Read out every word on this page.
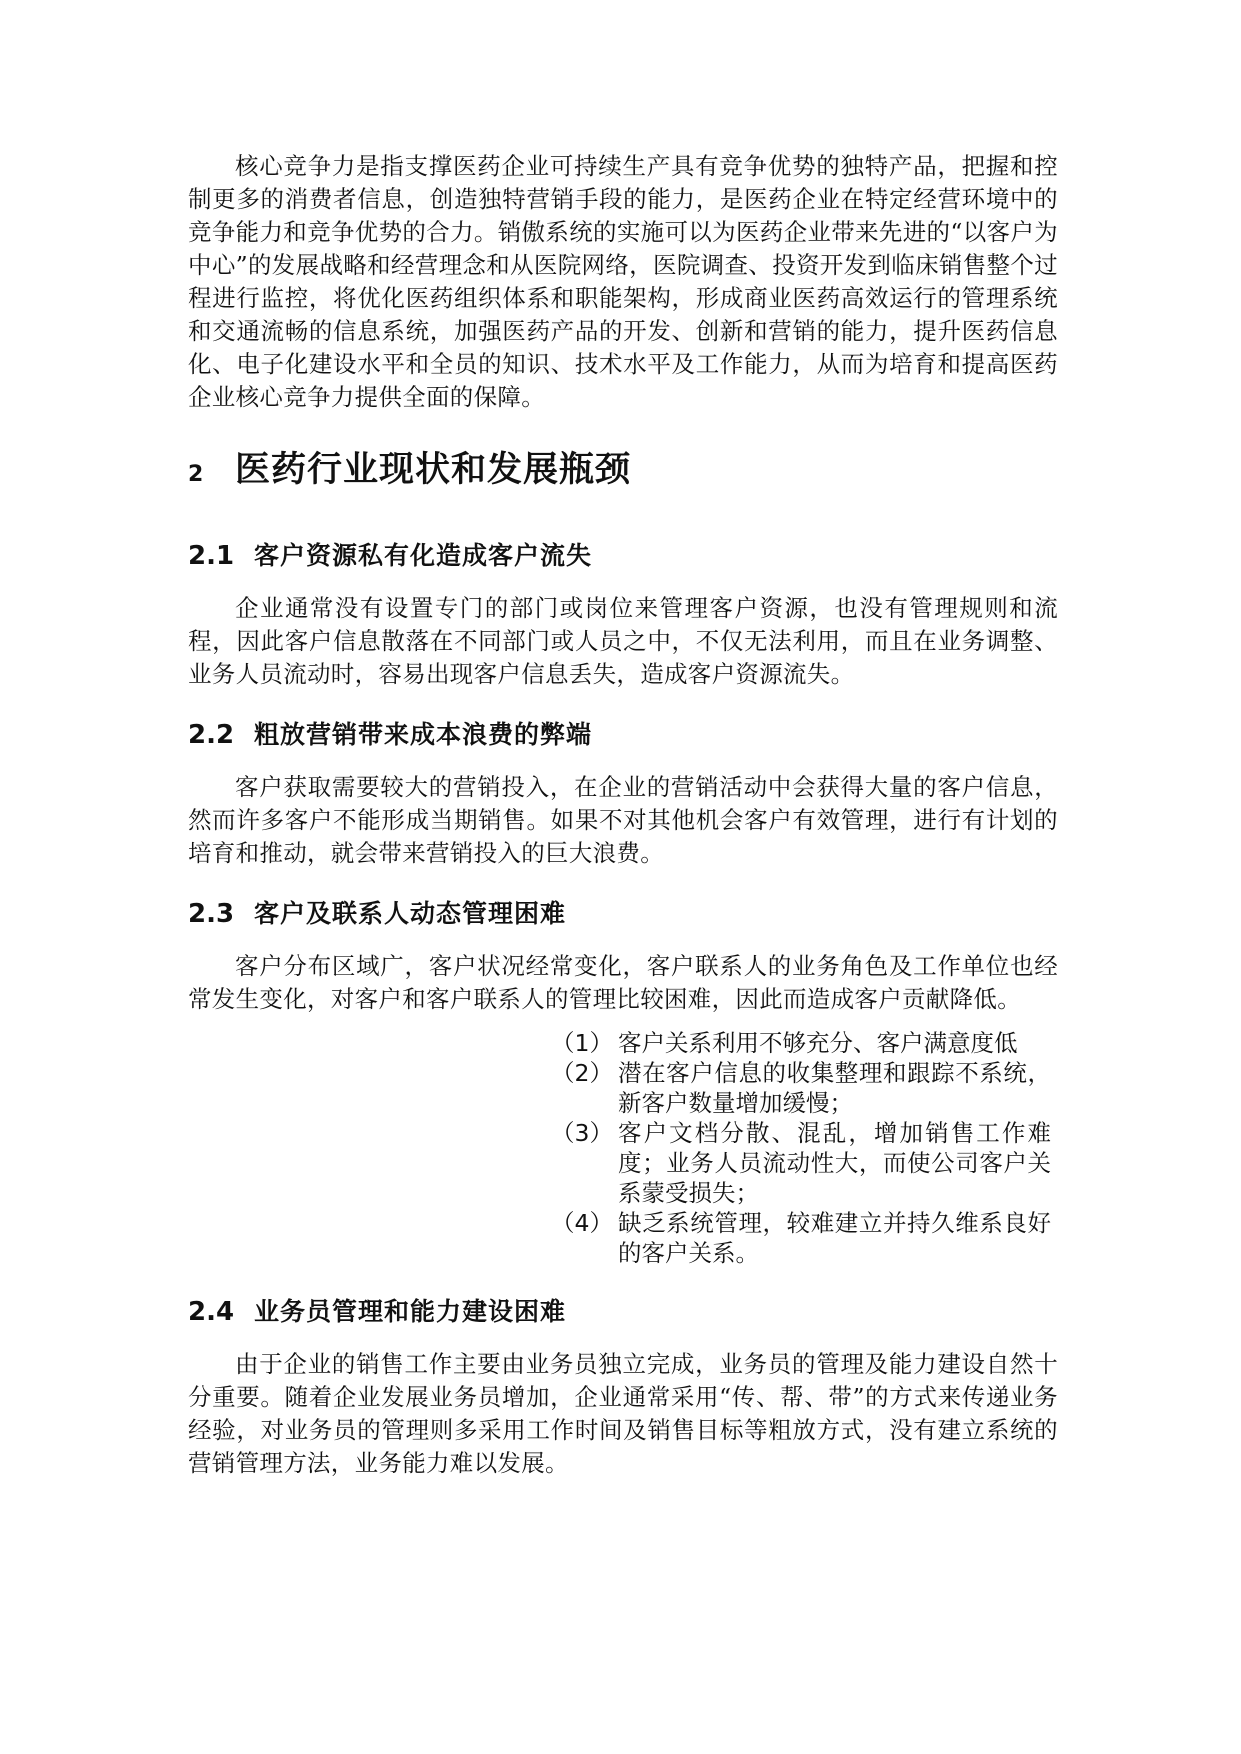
核心竞争力是指支撑医药企业可持续生产具有竞争优势的独特产品，把握和控制更多的消费者信息，创造独特营销手段的能力，是医药企业在特定经营环境中的竞争能力和竞争优势的合力。销傲系统的实施可以为医药企业带来先进的“以客户为中心”的发展战略和经营理念和从医院网络，医院调查、投资开发到临床销售整个过程进行监控，将优化医药组织体系和职能架构，形成商业医药高效运行的管理系统和交通流畅的信息系统，加强医药产品的开发、创新和营销的能力，提升医药信息化、电子化建设水平和全员的知识、技术水平及工作能力，从而为培育和提高医药企业核心竞争力提供全面的保障。

2 医药行业现状和发展瓶颈
2.1 客户资源私有化造成客户流失

企业通常没有设置专门的部门或岗位来管理客户资源，也没有管理规则和流程，因此客户信息散落在不同部门或人员之中，不仅无法利用，而且在业务调整、业务人员流动时，容易出现客户信息丢失，造成客户资源流失。

2.2 粗放营销带来成本浪费的弊端

客户获取需要较大的营销投入，在企业的营销活动中会获得大量的客户信息，然而许多客户不能形成当期销售。如果不对其他机会客户有效管理，进行有计划的培育和推动，就会带来营销投入的巨大浪费。

2.3 客户及联系人动态管理困难

客户分布区域广，客户状况经常变化，客户联系人的业务角色及工作单位也经常发生变化，对客户和客户联系人的管理比较困难，因此而造成客户贡献降低。

（1） 客户关系利用不够充分、客户满意度低
（2） 潜在客户信息的收集整理和跟踪不系统，新客户数量增加缓慢；
（3） 客户文档分散、混乱，增加销售工作难度；业务人员流动性大，而使公司客户关系蒙受损失；
（4） 缺乏系统管理，较难建立并持久维系良好的客户关系。
2.4 业务员管理和能力建设困难

由于企业的销售工作主要由业务员独立完成，业务员的管理及能力建设自然十分重要。随着企业发展业务员增加，企业通常采用“传、帮、带”的方式来传递业务经验，对业务员的管理则多采用工作时间及销售目标等粗放方式，没有建立系统的营销管理方法，业务能力难以发展。
